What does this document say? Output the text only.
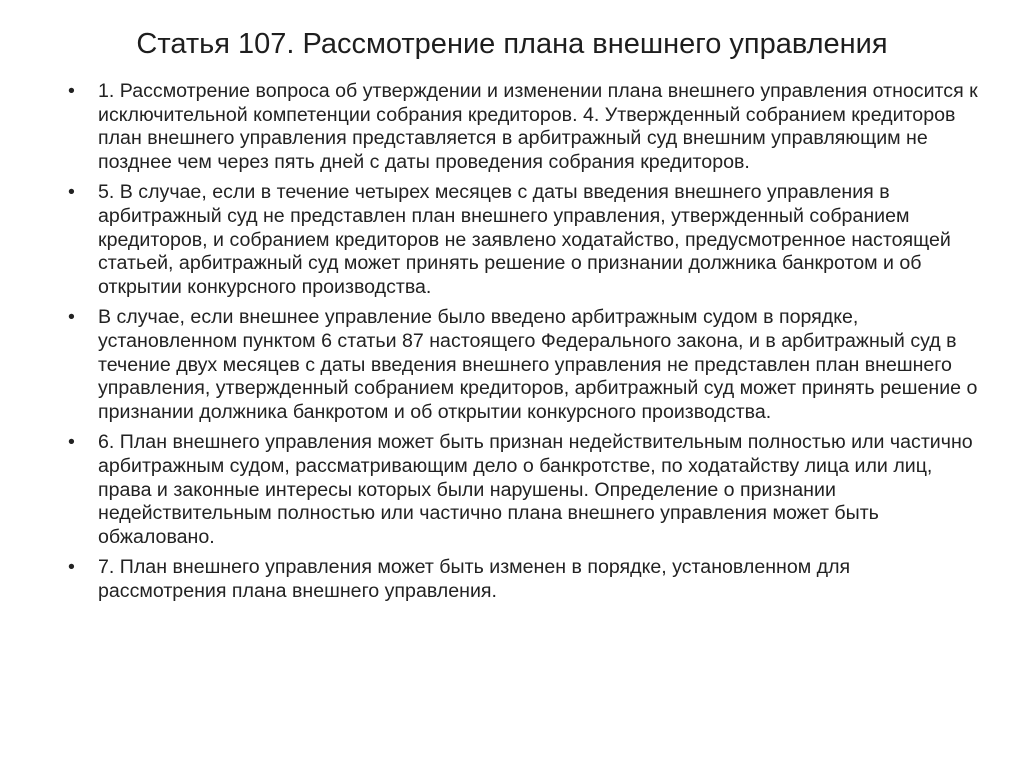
Статья 107. Рассмотрение плана внешнего управления
• 1. Рассмотрение вопроса об утверждении и изменении плана внешнего управления относится к исключительной компетенции собрания кредиторов. 4. Утвержденный собранием кредиторов план внешнего управления представляется в арбитражный суд внешним управляющим не позднее чем через пять дней с даты проведения собрания кредиторов.
• 5. В случае, если в течение четырех месяцев с даты введения внешнего управления в арбитражный суд не представлен план внешнего управления, утвержденный собранием кредиторов, и собранием кредиторов не заявлено ходатайство, предусмотренное настоящей статьей, арбитражный суд может принять решение о признании должника банкротом и об открытии конкурсного производства.
• В случае, если внешнее управление было введено арбитражным судом в порядке, установленном пунктом 6 статьи 87 настоящего Федерального закона, и в арбитражный суд в течение двух месяцев с даты введения внешнего управления не представлен план внешнего управления, утвержденный собранием кредиторов, арбитражный суд может принять решение о признании должника банкротом и об открытии конкурсного производства.
• 6. План внешнего управления может быть признан недействительным полностью или частично арбитражным судом, рассматривающим дело о банкротстве, по ходатайству лица или лиц, права и законные интересы которых были нарушены. Определение о признании недействительным полностью или частично плана внешнего управления может быть обжаловано.
• 7. План внешнего управления может быть изменен в порядке, установленном для рассмотрения плана внешнего управления.
